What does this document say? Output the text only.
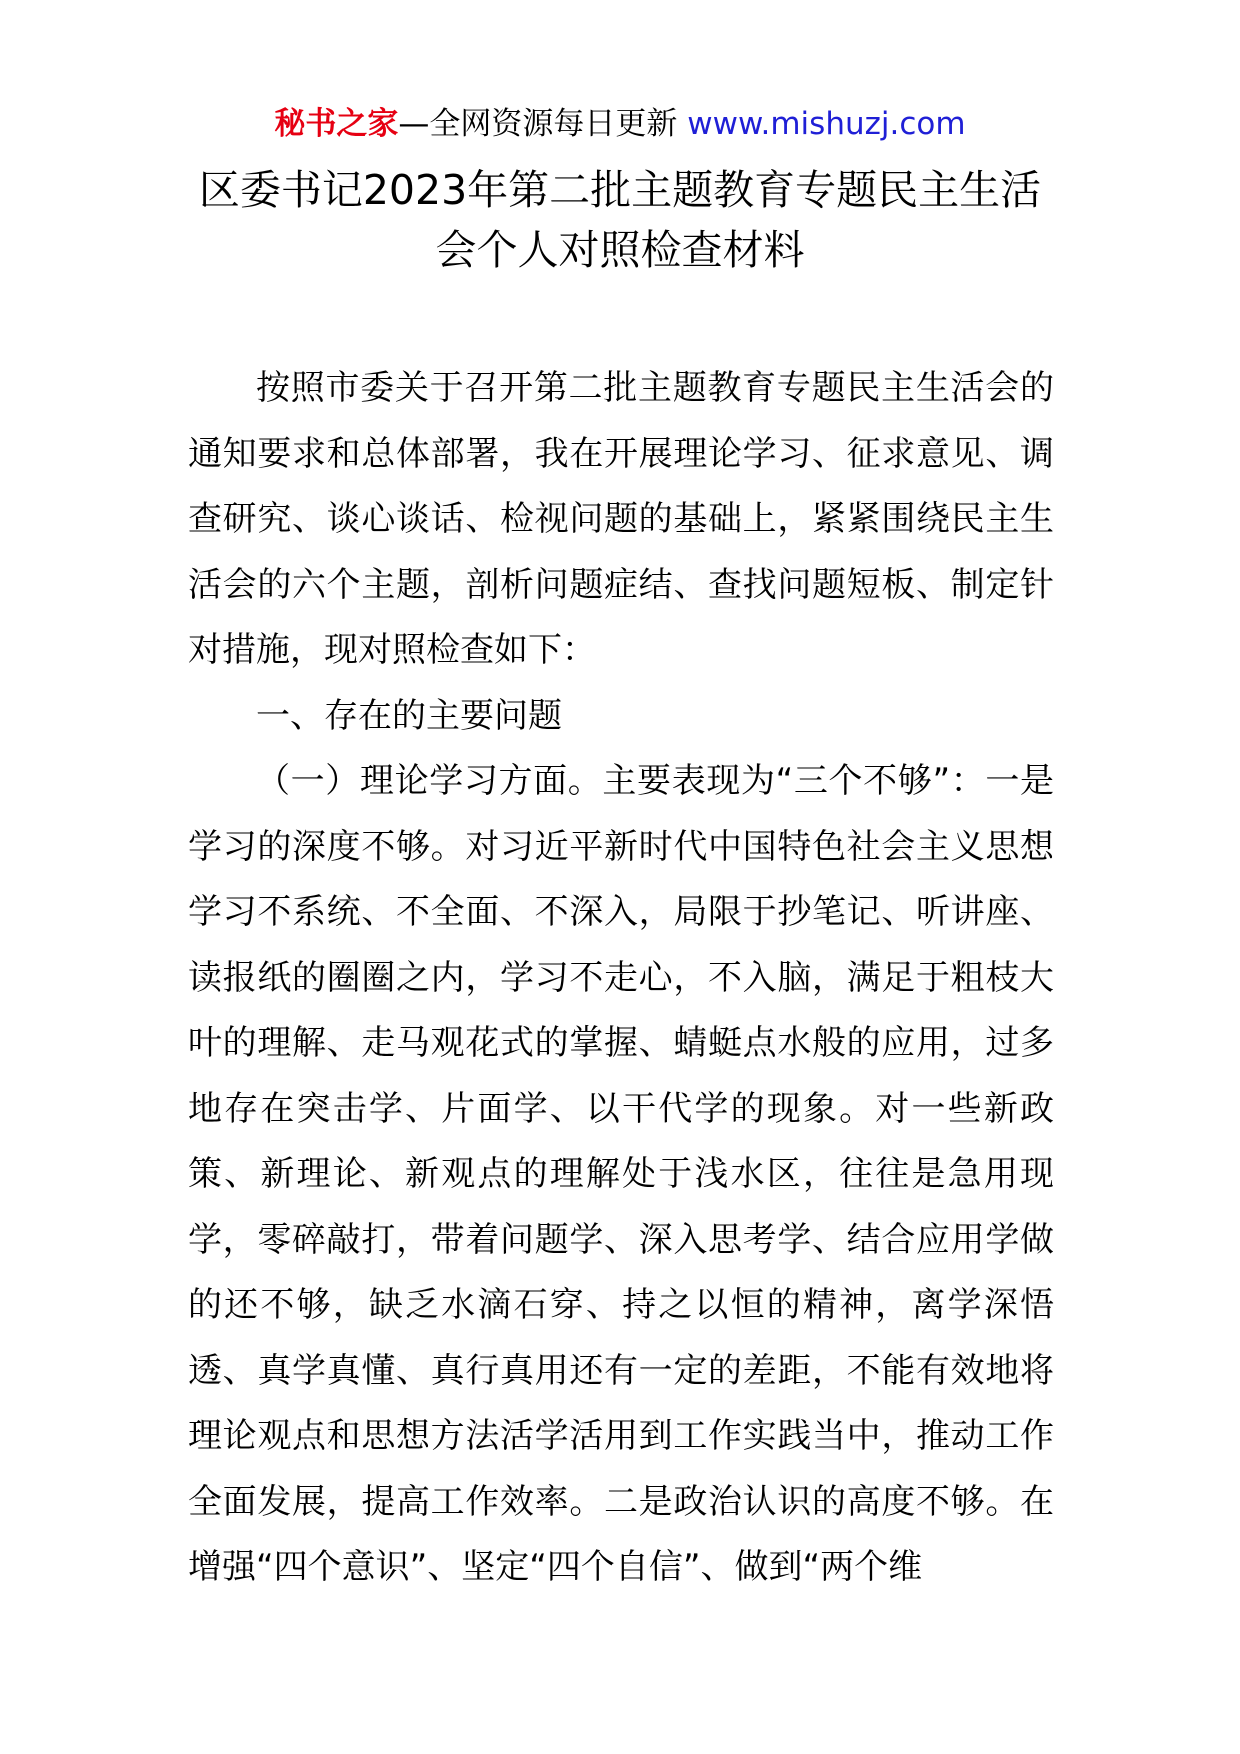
秘书之家—全网资源每日更新 www.mishuzj.com
区委书记2023年第二批主题教育专题民主生活
会个人对照检查材料

按照市委关于召开第二批主题教育专题民主生活会的通知要求和总体部署，我在开展理论学习、征求意见、调查研究、谈心谈话、检视问题的基础上，紧紧围绕民主生活会的六个主题，剖析问题症结、查找问题短板、制定针对措施，现对照检查如下：

一、存在的主要问题

（一）理论学习方面。主要表现为“三个不够”：一是学习的深度不够。对习近平新时代中国特色社会主义思想学习不系统、不全面、不深入，局限于抄笔记、听讲座、读报纸的圈圈之内，学习不走心，不入脑，满足于粗枝大叶的理解、走马观花式的掌握、蜻蜓点水般的应用，过多地存在突击学、片面学、以干代学的现象。对一些新政策、新理论、新观点的理解处于浅水区，往往是急用现学，零碎敲打，带着问题学、深入思考学、结合应用学做的还不够，缺乏水滴石穿、持之以恒的精神，离学深悟透、真学真懂、真行真用还有一定的差距，不能有效地将理论观点和思想方法活学活用到工作实践当中，推动工作全面发展，提高工作效率。二是政治认识的高度不够。在增强“四个意识”、坚定“四个自信”、做到“两个维
